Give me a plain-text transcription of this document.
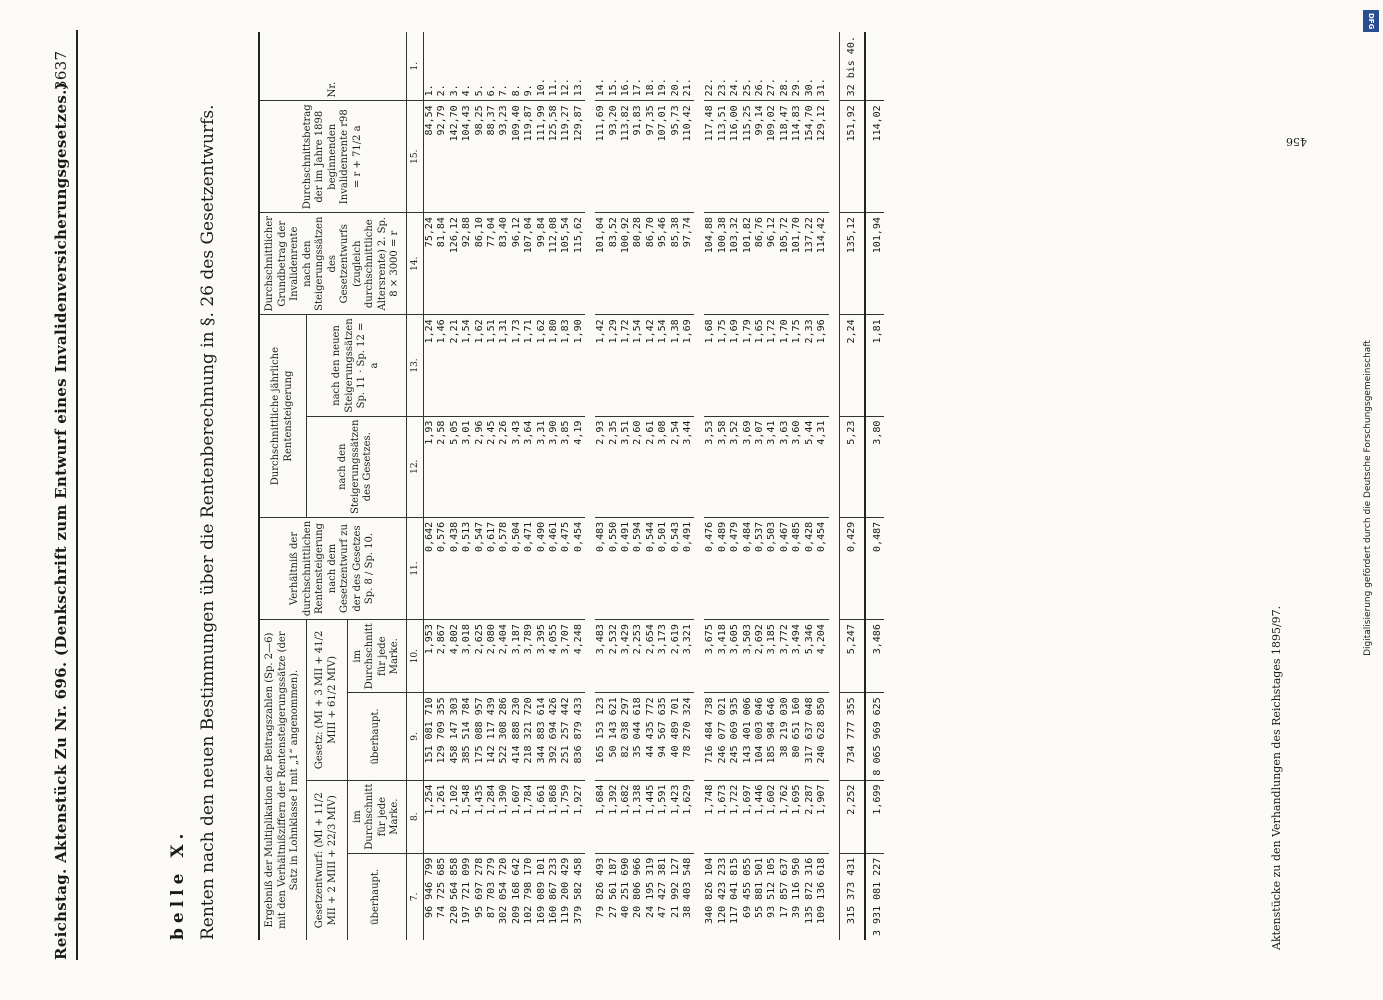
Reichstag. Aktenstück Zu Nr. 696. (Denkschrift zum Entwurf eines Invalidenversicherungsgesetzes.)
3637
belle X. Renten nach den neuen Bestimmungen über die Rentenberechnung in §. 26 des Gesetzentwurfs.	Ergebniß der Multiplikation der Beitragszahlen (Sp. 2—6) mit den Verhältnißziffern der Rentensteigerungssätze (der Satz in Lohnklasse I mit „1“ angenommen).				Verhältniß der durchschnittlichen Rentensteigerung nach dem Gesetzentwurf zu der des Gesetzes Sp. 8 / Sp. 10.	Durchschnittliche jährliche Rentensteigerung		Durchschnittlicher Grundbetrag der Invalidenrente nach den Steigerungssätzen des Gesetzentwurfs (zugleich durchschnittliche Altersrente) 2. Sp. 8 × 3000 = r	Durchschnittsbetrag der im Jahre 1898 beginnenden Invalidenrente r98 = r + 71/2 a	Nr.
Gesetzentwurf: (MI + 11/2 MII + 2 MIII + 22/3 MIV)		Gesetz: (MI + 3 MII + 41/2 MIII + 61/2 MIV)			nach den Steigerungssätzen des Gesetzes.	nach den neuen Steigerungssätzen Sp. 11 · Sp. 12 = a			
überhaupt.	im Durchschnitt für jede Marke.	überhaupt.	im Durchschnitt für jede Marke.						
7.	8.	9.	10.	11.	12.	13.	14.	15.	1.
96 946 799	1,254	151 081 710	1,953	0,642	1,93	1,24	75,24	84,54	1.
74 725 685	1,261	129 709 355	2,867	0,576	2,58	1,46	81,84	92,79	2.
220 564 858	2,102	458 147 303	4,802	0,438	5,05	2,21	126,12	142,70	3.
197 721 099	1,548	385 514 784	3,018	0,513	3,01	1,54	92,88	104,43	4.
95 697 278	1,435	175 088 957	2,625	0,547	2,96	1,62	86,10	98,25	5.
87 703 279	1,284	142 117 439	2,080	0,617	2,45	1,51	77,04	88,37	6.
302 054 720	1,390	522 308 286	2,404	0,578	2,26	1,31	83,40	93,23	7.
209 168 642	1,607	414 888 230	3,187	0,504	3,43	1,73	96,12	109,40	8.
102 798 170	1,784	218 321 720	3,789	0,471	3,64	1,71	107,04	119,87	9.
169 089 101	1,661	344 883 614	3,395	0,490	3,31	1,62	99,84	111,99	10.
160 867 233	1,868	392 694 426	4,055	0,461	3,90	1,80	112,08	125,58	11.
119 200 429	1,759	251 257 442	3,707	0,475	3,85	1,83	105,54	119,27	12.
379 582 458	1,927	836 879 433	4,248	0,454	4,19	1,90	115,62	129,87	13.

79 826 493	1,684	165 153 123	3,483	0,483	2,93	1,42	101,04	111,69	14.
27 561 187	1,392	50 143 621	2,532	0,550	2,35	1,29	83,52	93,20	15.
40 251 690	1,682	82 038 297	3,429	0,491	3,51	1,72	100,92	113,82	16.
20 806 966	1,338	35 044 618	2,253	0,594	2,60	1,54	80,28	91,83	17.
24 195 319	1,445	44 435 772	2,654	0,544	2,61	1,42	86,70	97,35	18.
47 427 381	1,591	94 567 635	3,173	0,501	3,08	1,54	95,46	107,01	19.
21 992 127	1,423	40 489 701	2,619	0,543	2,54	1,38	85,38	95,73	20.
38 403 548	1,629	78 270 324	3,321	0,491	3,44	1,69	97,74	110,42	21.

340 826 104	1,748	716 484 738	3,675	0,476	3,53	1,68	104,88	117,48	22.
120 423 233	1,673	246 077 021	3,418	0,489	3,58	1,75	100,38	113,51	23.
117 041 815	1,722	245 069 935	3,605	0,479	3,52	1,69	103,32	116,00	24.
69 455 055	1,697	143 401 006	3,503	0,484	3,69	1,79	101,82	115,25	25.
55 881 501	1,446	104 003 046	2,692	0,537	3,07	1,65	86,76	99,14	26.
93 512 105	1,602	185 984 646	3,185	0,503	3,41	1,72	96,12	109,02	27.
17 857 637	1,762	38 219 030	3,772	0,467	3,63	1,70	105,72	118,47	28.
39 116 950	1,695	80 651 160	3,494	0,485	3,60	1,75	101,70	114,83	29.
135 872 316	2,287	317 637 048	5,346	0,428	5,44	2,33	137,22	154,70	30.
109 136 618	1,907	240 628 850	4,204	0,454	4,31	1,96	114,42	129,12	31.

315 373 431	2,252	734 777 355	5,247	0,429	5,23	2,24	135,12	151,92	32 bis 40.
3 931 081 227	1,699	8 065 969 625	3,486	0,487	3,80	1,81	101,94	114,02	
Aktenstücke zu den Verhandlungen des Reichstages 1895/97.
456
DFG
Digitalisierung gefördert durch die Deutsche Forschungsgemeinschaft
